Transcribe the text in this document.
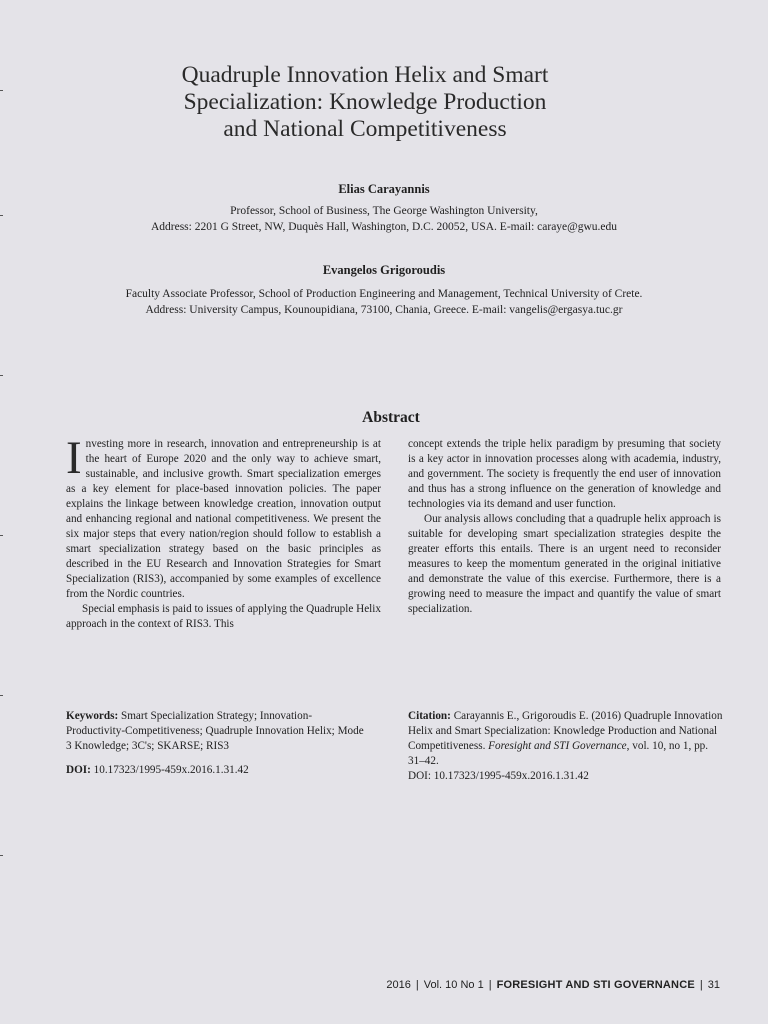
Quadruple Innovation Helix and Smart
Specialization: Knowledge Production
and National Competitiveness
Elias Carayannis
Professor, School of Business, The George Washington University,
Address: 2201 G Street, NW, Duquès Hall, Washington, D.C. 20052, USA. E-mail: caraye@gwu.edu
Evangelos Grigoroudis
Faculty Associate Professor, School of Production Engineering and Management, Technical University of Crete.
Address: University Campus, Kounoupidiana, 73100, Chania, Greece. E-mail: vangelis@ergasya.tuc.gr
Abstract

Investing more in research, innovation and entrepreneurship is at the heart of Europe 2020 and the only way to achieve smart, sustainable, and inclusive growth. Smart specialization emerges as a key element for place-based innovation policies. The paper explains the linkage between knowledge creation, innovation output and enhancing regional and national competitiveness. We present the six major steps that every nation/region should follow to establish a smart specialization strategy based on the basic principles as described in the EU Research and Innovation Strategies for Smart Specialization (RIS3), accompanied by some examples of excellence from the Nordic countries.

Special emphasis is paid to issues of applying the Quadruple Helix approach in the context of RIS3. This

concept extends the triple helix paradigm by presuming that society is a key actor in innovation processes along with academia, industry, and government. The society is frequently the end user of innovation and thus has a strong influence on the generation of knowledge and technologies via its demand and user function.

Our analysis allows concluding that a quadruple helix approach is suitable for developing smart specialization strategies despite the greater efforts this entails. There is an urgent need to reconsider measures to keep the momentum generated in the original initiative and demonstrate the value of this exercise. Furthermore, there is a growing need to measure the impact and quantify the value of smart specialization.

Keywords: Smart Specialization Strategy; Innovation-Productivity-Competitiveness; Quadruple Innovation Helix; Mode 3 Knowledge; 3C's; SKARSE; RIS3

DOI: 10.17323/1995-459x.2016.1.31.42

Citation: Carayannis E., Grigoroudis E. (2016) Quadruple Innovation Helix and Smart Specialization: Knowledge Production and National Competitiveness. Foresight and STI Governance, vol. 10, no 1, pp. 31–42.

DOI: 10.17323/1995-459x.2016.1.31.42

2016 | Vol. 10 No 1 | FORESIGHT AND STI GOVERNANCE | 31
